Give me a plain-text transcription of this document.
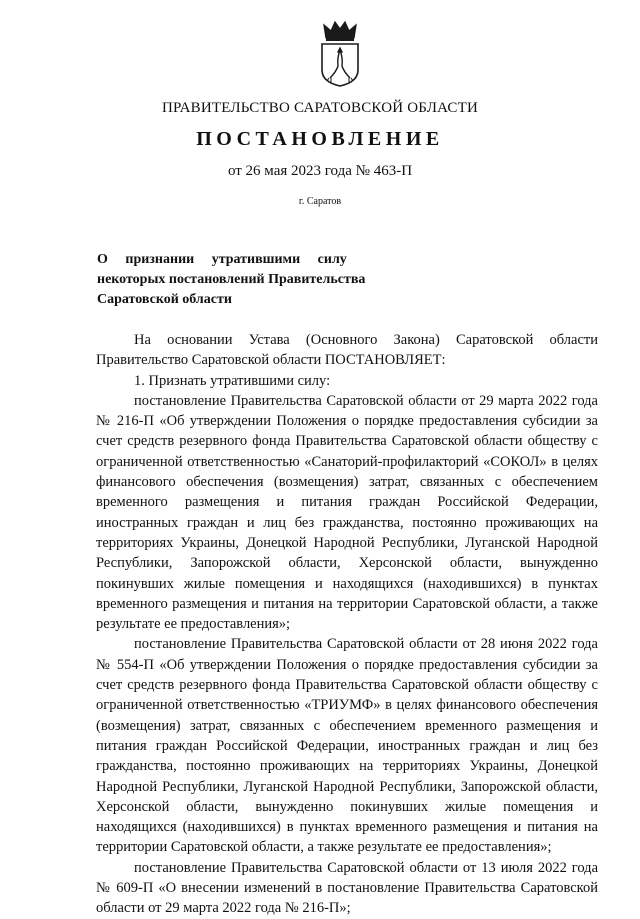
ПРАВИТЕЛЬСТВО САРАТОВСКОЙ ОБЛАСТИ
ПОСТАНОВЛЕНИЕ
от 26 мая 2023 года № 463-П
г. Саратов
О признании утратившими силу
некоторых постановлений Правительства
Саратовской области

На основании Устава (Основного Закона) Саратовской области Правительство Саратовской области ПОСТАНОВЛЯЕТ:

1. Признать утратившими силу:

постановление Правительства Саратовской области от 29 марта 2022 года № 216-П «Об утверждении Положения о порядке предоставления субсидии за счет средств резервного фонда Правительства Саратовской области обществу с ограниченной ответственностью «Санаторий-профилакторий «СОКОЛ» в целях финансового обеспечения (возмещения) затрат, связанных с обеспечением временного размещения и питания граждан Российской Федерации, иностранных граждан и лиц без гражданства, постоянно проживающих на территориях Украины, Донецкой Народной Республики, Луганской Народной Республики, Запорожской области, Херсонской области, вынужденно покинувших жилые помещения и находящихся (находившихся) в пунктах временного размещения и питания на территории Саратовской области, а также результате ее предоставления»;

постановление Правительства Саратовской области от 28 июня 2022 года № 554-П «Об утверждении Положения о порядке предоставления субсидии за счет средств резервного фонда Правительства Саратовской области обществу с ограниченной ответственностью «ТРИУМФ» в целях финансового обеспечения (возмещения) затрат, связанных с обеспечением временного размещения и питания граждан Российской Федерации, иностранных граждан и лиц без гражданства, постоянно проживающих на территориях Украины, Донецкой Народной Республики, Луганской Народной Республики, Запорожской области, Херсонской области, вынужденно покинувших жилые помещения и находящихся (находившихся) в пунктах временного размещения и питания на территории Саратовской области, а также результате ее предоставления»;

постановление Правительства Саратовской области от 13 июля 2022 года № 609-П «О внесении изменений в постановление Правительства Саратовской области от 29 марта 2022 года № 216-П»;
